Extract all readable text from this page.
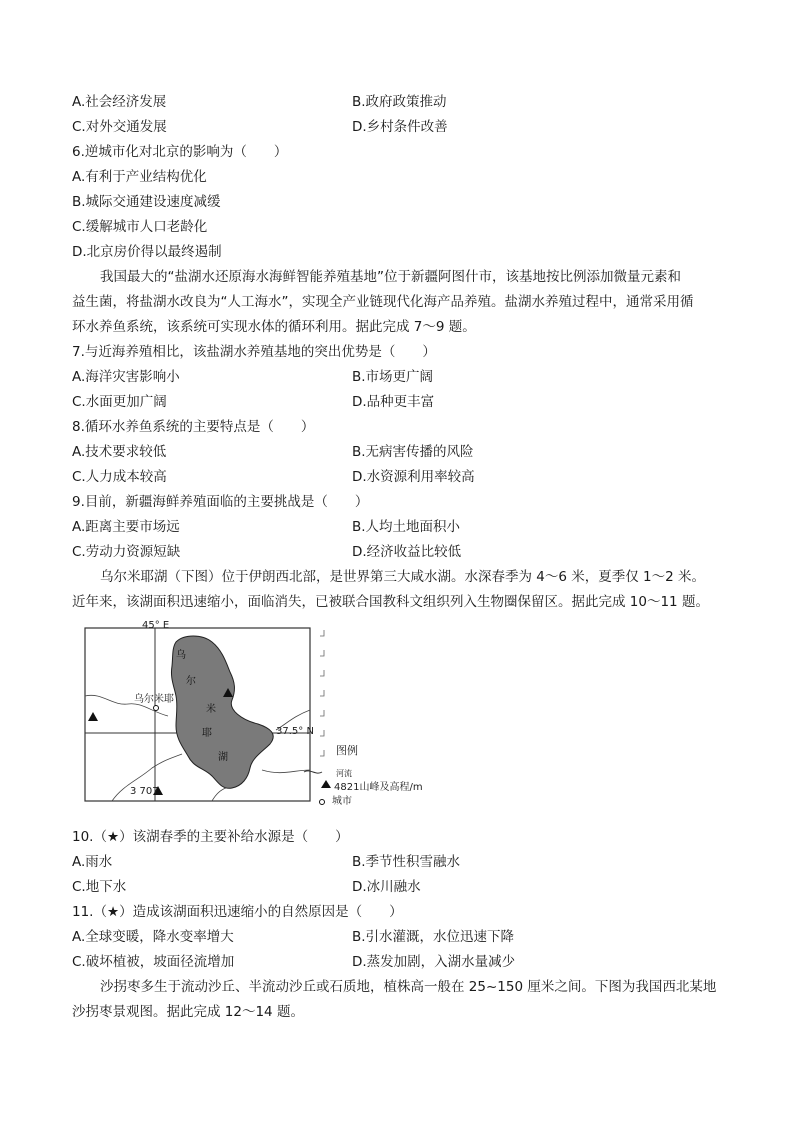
A.社会经济发展	B.政府政策推动
C.对外交通发展	D.乡村条件改善
6.逆城市化对北京的影响为（　　）
A.有利于产业结构优化
B.城际交通建设速度减缓
C.缓解城市人口老龄化
D.北京房价得以最终遏制
我国最大的“盐湖水还原海水海鲜智能养殖基地”位于新疆阿图什市，该基地按比例添加微量元素和
益生菌，将盐湖水改良为“人工海水”，实现全产业链现代化海产品养殖。盐湖水养殖过程中，通常采用循
环水养鱼系统，该系统可实现水体的循环利用。据此完成 7～9 题。
7.与近海养殖相比，该盐湖水养殖基地的突出优势是（　　）
A.海洋灾害影响小	B.市场更广阔
C.水面更加广阔	D.品种更丰富
8.循环水养鱼系统的主要特点是（　　）
A.技术要求较低	B.无病害传播的风险
C.人力成本较高	D.水资源利用率较高
9.目前，新疆海鲜养殖面临的主要挑战是（　　）
A.距离主要市场远	B.人均土地面积小
C.劳动力资源短缺	D.经济收益比较低
乌尔米耶湖（下图）位于伊朗西北部，是世界第三大咸水湖。水深春季为 4～6 米，夏季仅 1～2 米。
近年来，该湖面积迅速缩小，面临消失，已被联合国教科文组织列入生物圈保留区。据此完成 10～11 题。
45° E
37.5° N
乌尔米耶
乌
尔
米
耶
湖
3 707
图例
河流
4821山峰及高程/m
城市
10.（★）该湖春季的主要补给水源是（　　）
A.雨水	B.季节性积雪融水
C.地下水	D.冰川融水
11.（★）造成该湖面积迅速缩小的自然原因是（　　）
A.全球变暖，降水变率增大	B.引水灌溉，水位迅速下降
C.破坏植被，坡面径流增加	D.蒸发加剧，入湖水量减少
沙拐枣多生于流动沙丘、半流动沙丘或石质地，植株高一般在 25~150 厘米之间。下图为我国西北某地
沙拐枣景观图。据此完成 12～14 题。
